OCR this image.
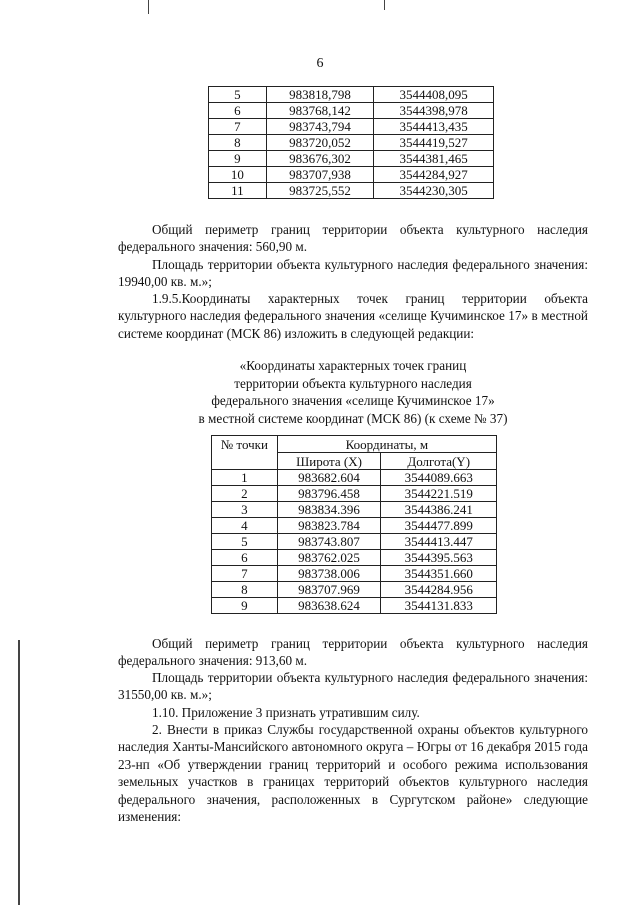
6
5	983818,798	3544408,095
6	983768,142	3544398,978
7	983743,794	3544413,435
8	983720,052	3544419,527
9	983676,302	3544381,465
10	983707,938	3544284,927
11	983725,552	3544230,305

Общий периметр границ территории объекта культурного наследия федерального значения: 560,90 м.

Площадь территории объекта культурного наследия федерального значения: 19940,00 кв. м.»;

1.9.5.Координаты характерных точек границ территории объекта культурного наследия федерального значения «селище Кучиминское 17» в местной системе координат (МСК 86) изложить в следующей редакции:

«Координаты характерных точек границ
территории объекта культурного наследия
федерального значения «селище Кучиминское 17»
в местной системе координат (МСК 86) (к схеме № 37)
№ точки	Координаты, м	
	Широта (X)	Долгота(Y)
1	983682.604	3544089.663
2	983796.458	3544221.519
3	983834.396	3544386.241
4	983823.784	3544477.899
5	983743.807	3544413.447
6	983762.025	3544395.563
7	983738.006	3544351.660
8	983707.969	3544284.956
9	983638.624	3544131.833

Общий периметр границ территории объекта культурного наследия федерального значения: 913,60 м.

Площадь территории объекта культурного наследия федерального значения: 31550,00 кв. м.»;

1.10. Приложение 3 признать утратившим силу.

2. Внести в приказ Службы государственной охраны объектов культурного наследия Ханты-Мансийского автономного округа – Югры от 16 декабря 2015 года 23-нп «Об утверждении границ территорий и особого режима использования земельных участков в границах территорий объектов культурного наследия федерального значения, расположенных в Сургутском районе» следующие изменения:
